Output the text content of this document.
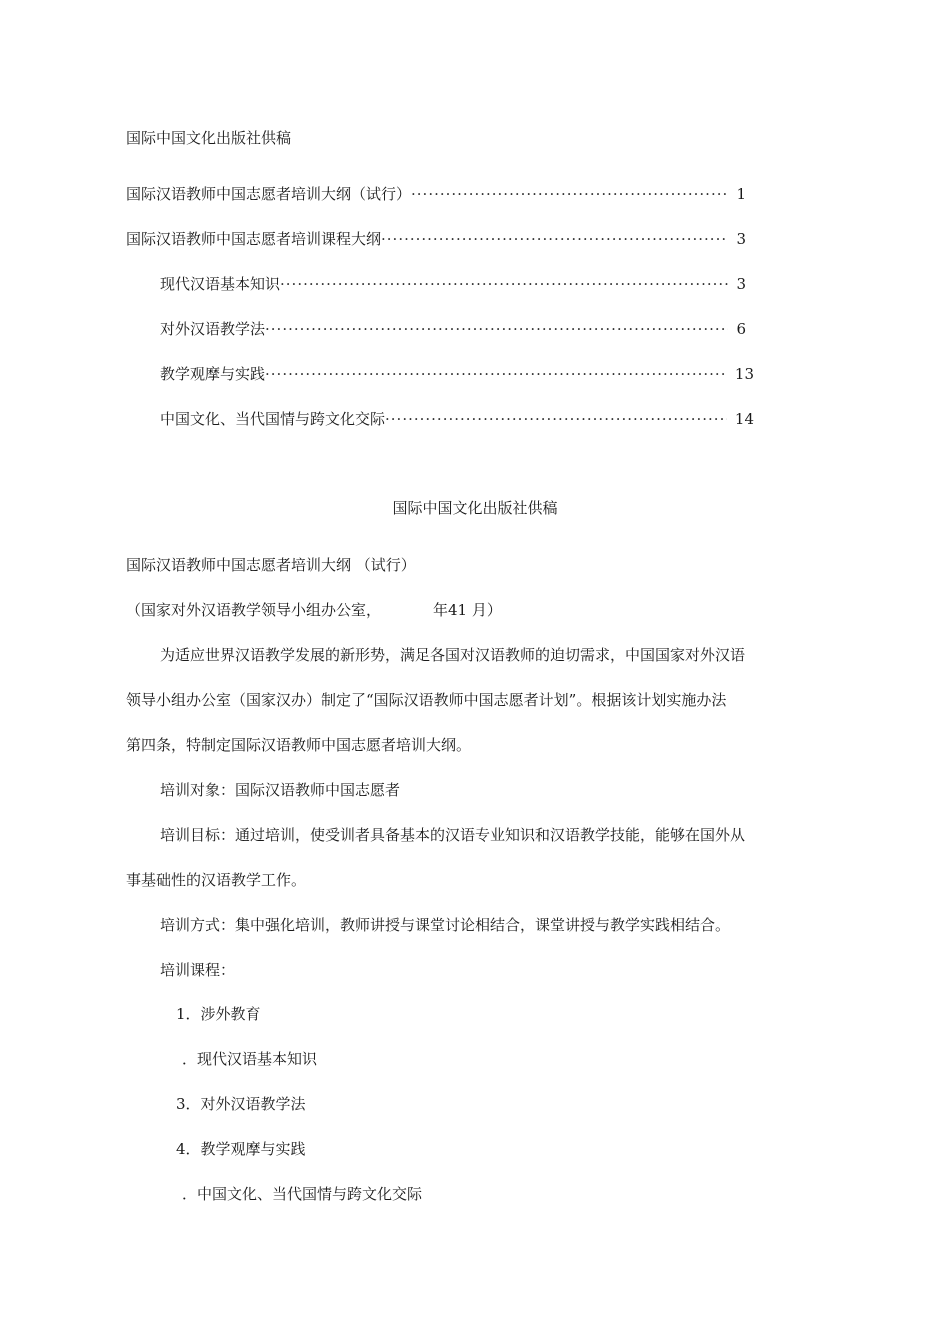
国际中国文化出版社供稿
国际汉语教师中国志愿者培训大纲（试行） ·····	1
国际汉语教师中国志愿者培训课程大纲 ·····	3
现代汉语基本知识 ·····	3
对外汉语教学法 ·····	6
教学观摩与实践 ·····	13
中国文化、当代国情与跨文化交际 ·····	14
国际中国文化出版社供稿
国际汉语教师中国志愿者培训大纲 （试行）
（国家对外汉语教学领导小组办公室，	年41 月）
为适应世界汉语教学发展的新形势，满足各国对汉语教师的迫切需求，中国国家对外汉语
领导小组办公室（国家汉办）制定了“国际汉语教师中国志愿者计划”。根据该计划实施办法
第四条，特制定国际汉语教师中国志愿者培训大纲。
培训对象：国际汉语教师中国志愿者
培训目标：通过培训，使受训者具备基本的汉语专业知识和汉语教学技能，能够在国外从
事基础性的汉语教学工作。
培训方式：集中强化培训，教师讲授与课堂讨论相结合，课堂讲授与教学实践相结合。
培训课程：
1．涉外教育
．现代汉语基本知识
3．对外汉语教学法
4．教学观摩与实践
．中国文化、当代国情与跨文化交际
